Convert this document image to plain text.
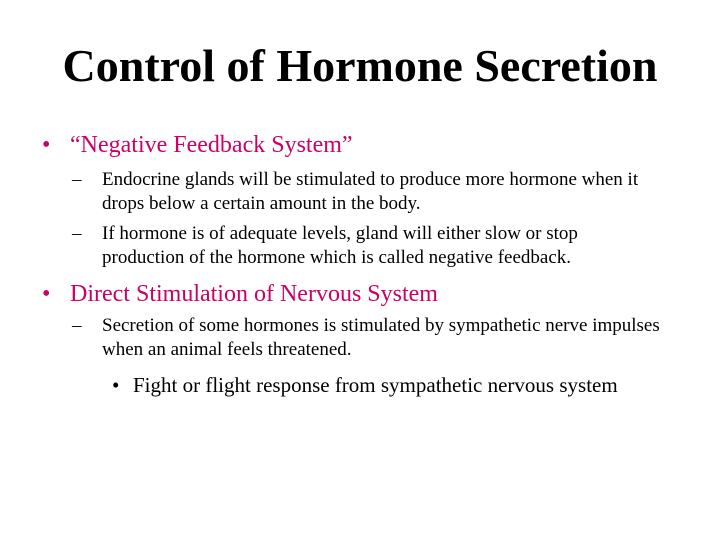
Control of Hormone Secretion
• “Negative Feedback System”
– Endocrine glands will be stimulated to produce more hormone when it drops below a certain amount in the body.
– If hormone is of adequate levels, gland will either slow or stop production of the hormone which is called negative feedback.
• Direct Stimulation of Nervous System
– Secretion of some hormones is stimulated by sympathetic nerve impulses when an animal feels threatened.
• Fight or flight response from sympathetic nervous system
